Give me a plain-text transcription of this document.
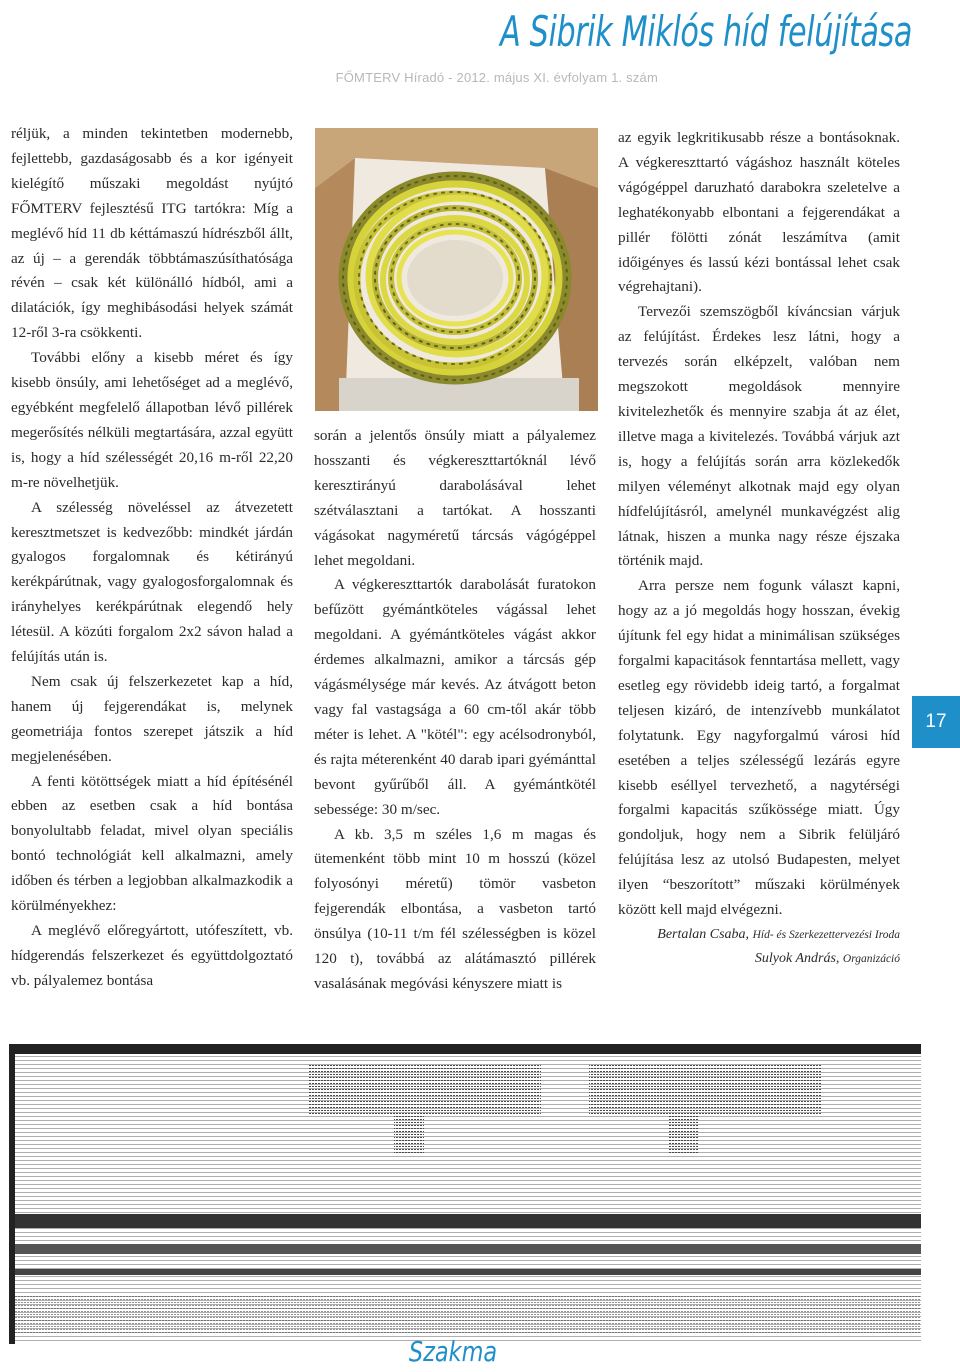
A Sibrik Miklós híd felújítása
FŐMTERV Híradó - 2012. május XI. évfolyam 1. szám

réljük, a minden tekintetben modernebb, fejlettebb, gazdaságosabb és a kor igényeit kielégítő műszaki megoldást nyújtó FŐMTERV fejlesztésű ITG tartókra: Míg a meglévő híd 11 db kéttámaszú hídrészből állt, az új – a gerendák többtámaszúsíthatósága révén – csak két különálló hídból, ami a dilatációk, így meghibásodási helyek számát 12-ről 3-ra csökkenti.

További előny a kisebb méret és így kisebb önsúly, ami lehetőséget ad a meglévő, egyébként megfelelő állapotban lévő pillérek megerősítés nélküli megtartására, azzal együtt is, hogy a híd szélességét 20,16 m-ről 22,20 m-re növelhetjük.

A szélesség növeléssel az átvezetett keresztmetszet is kedvezőbb: mindkét járdán gyalogos forgalomnak és kétirányú kerékpárútnak, vagy gyalogosforgalomnak és irányhelyes kerékpárútnak elegendő hely létesül. A közúti forgalom 2x2 sávon halad a felújítás után is.

Nem csak új felszerkezetet kap a híd, hanem új fejgerendákat is, melynek geometriája fontos szerepet játszik a híd megjelenésében.

A fenti kötöttségek miatt a híd építésénél ebben az esetben csak a híd bontása bonyolultabb feladat, mivel olyan speciális bontó technológiát kell alkalmazni, amely időben és térben a legjobban alkalmazkodik a körülményekhez:

A meglévő előregyártott, utófeszített, vb. hídgerendás felszerkezet és együttdolgoztató vb. pályalemez bontása

során a jelentős önsúly miatt a pályalemez hosszanti és végkereszttartóknál lévő keresztirányú darabolásával lehet szétválasztani a tartókat. A hosszanti vágásokat nagyméretű tárcsás vágógéppel lehet megoldani.

A végkereszttartók darabolását furatokon befűzött gyémántköteles vágással lehet megoldani. A gyémántköteles vágást akkor érdemes alkalmazni, amikor a tárcsás gép vágásmélysége már kevés. Az átvágott beton vagy fal vastagsága a 60 cm-től akár több méter is lehet. A "kötél": egy acélsodronyból, és rajta méterenként 40 darab ipari gyémánttal bevont gyűrűből áll. A gyémántkötél sebessége: 30 m/sec.

A kb. 3,5 m széles 1,6 m magas és ütemenként több mint 10 m hosszú (közel folyosónyi méretű) tömör vasbeton fejgerendák elbontása, a vasbeton tartó önsúlya (10-11 t/m fél szélességben is közel 120 t), továbbá az alátámasztó pillérek vasalásának megóvási kényszere miatt is

az egyik legkritikusabb része a bontásoknak. A végkereszttartó vágáshoz használt köteles vágógéppel daruzható darabokra szeletelve a leghatékonyabb elbontani a fejgerendákat a pillér fölötti zónát leszámítva (amit időigényes és lassú kézi bontással lehet csak végrehajtani).

Tervezői szemszögből kíváncsian várjuk az felújítást. Érdekes lesz látni, hogy a tervezés során elképzelt, valóban nem megszokott megoldások mennyire kivitelezhetők és mennyire szabja át az élet, illetve maga a kivitelezés. Továbbá várjuk azt is, hogy a felújítás során arra közlekedők milyen véleményt alkotnak majd egy olyan hídfelújításról, amelynél munkavégzést alig látnak, hiszen a munka nagy része éjszaka történik majd.

Arra persze nem fogunk választ kapni, hogy az a jó megoldás hogy hosszan, évekig újítunk fel egy hidat a minimálisan szükséges forgalmi kapacitások fenntartása mellett, vagy esetleg egy rövidebb ideig tartó, a forgalmat teljesen kizáró, de intenzívebb munkálatot folytatunk. Egy nagyforgalmú városi híd esetében a teljes szélességű lezárás egyre kisebb eséllyel tervezhető, a nagytérségi forgalmi kapacitás szűkössége miatt. Úgy gondoljuk, hogy nem a Sibrik felüljáró felújítása lesz az utolsó Budapesten, melyet ilyen “beszorított” műszaki körülmények között kell majd elvégezni.

Bertalan Csaba, Híd- és Szerkezettervezési Iroda

Sulyok András, Organizáció

17
Szakma
